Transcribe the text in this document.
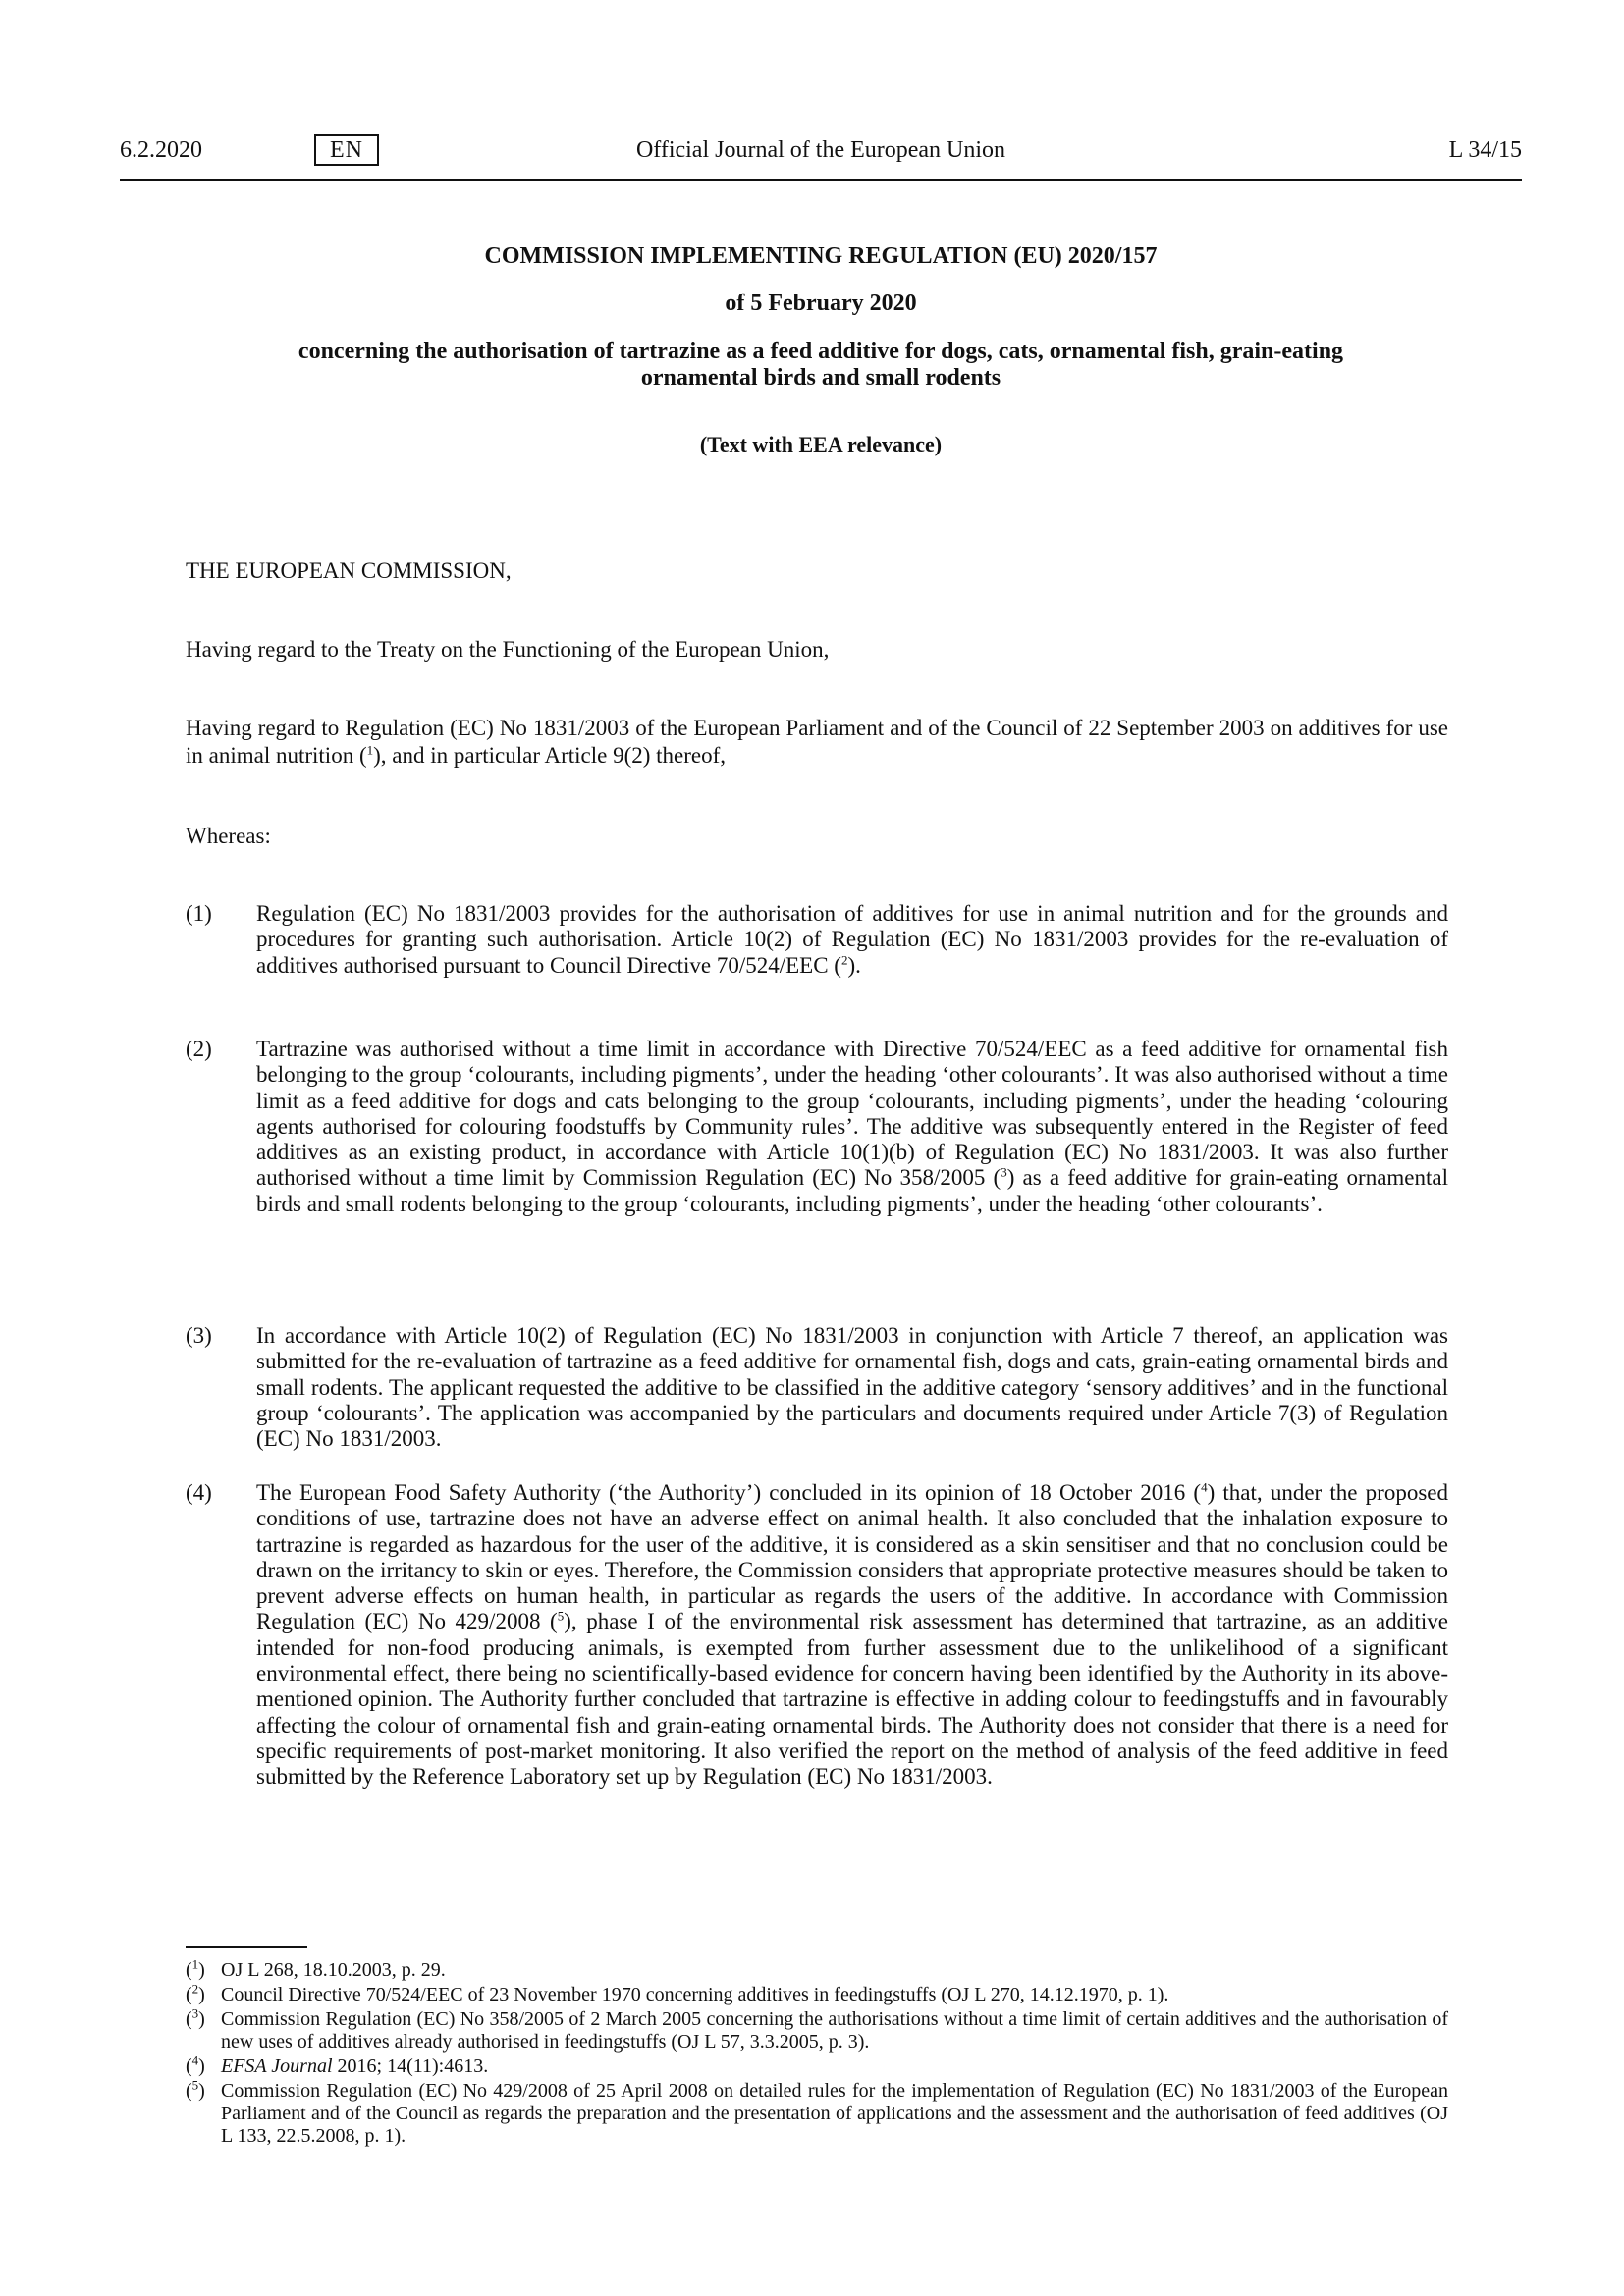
Official Journal of the European Union
6.2.2020	EN	L 34/15
COMMISSION IMPLEMENTING REGULATION (EU) 2020/157
of 5 February 2020
concerning the authorisation of tartrazine as a feed additive for dogs, cats, ornamental fish, grain-eating ornamental birds and small rodents
(Text with EEA relevance)
THE EUROPEAN COMMISSION,
Having regard to the Treaty on the Functioning of the European Union,
Having regard to Regulation (EC) No 1831/2003 of the European Parliament and of the Council of 22 September 2003 on additives for use in animal nutrition ($^1$), and in particular Article 9(2) thereof,
Whereas:
(1) Regulation (EC) No 1831/2003 provides for the authorisation of additives for use in animal nutrition and for the grounds and procedures for granting such authorisation. Article 10(2) of Regulation (EC) No 1831/2003 provides for the re-evaluation of additives authorised pursuant to Council Directive 70/524/EEC ($^2$).
(2) Tartrazine was authorised without a time limit in accordance with Directive 70/524/EEC as a feed additive for ornamental fish belonging to the group ‘colourants, including pigments’, under the heading ‘other colourants’. It was also authorised without a time limit as a feed additive for dogs and cats belonging to the group ‘colourants, including pigments’, under the heading ‘colouring agents authorised for colouring foodstuffs by Community rules’. The additive was subsequently entered in the Register of feed additives as an existing product, in accordance with Article 10(1)(b) of Regulation (EC) No 1831/2003. It was also further authorised without a time limit by Commission Regulation (EC) No 358/2005 ($^3$) as a feed additive for grain-eating ornamental birds and small rodents belonging to the group ‘colourants, including pigments’, under the heading ‘other colourants’.
(3) In accordance with Article 10(2) of Regulation (EC) No 1831/2003 in conjunction with Article 7 thereof, an application was submitted for the re-evaluation of tartrazine as a feed additive for ornamental fish, dogs and cats, grain-eating ornamental birds and small rodents. The applicant requested the additive to be classified in the additive category ‘sensory additives’ and in the functional group ‘colourants’. The application was accompanied by the particulars and documents required under Article 7(3) of Regulation (EC) No 1831/2003.
(4) The European Food Safety Authority (‘the Authority’) concluded in its opinion of 18 October 2016 ($^4$) that, under the proposed conditions of use, tartrazine does not have an adverse effect on animal health. It also concluded that the inhalation exposure to tartrazine is regarded as hazardous for the user of the additive, it is considered as a skin sensitiser and that no conclusion could be drawn on the irritancy to skin or eyes. Therefore, the Commission considers that appropriate protective measures should be taken to prevent adverse effects on human health, in particular as regards the users of the additive. In accordance with Commission Regulation (EC) No 429/2008 ($^5$), phase I of the environmental risk assessment has determined that tartrazine, as an additive intended for non-food producing animals, is exempted from further assessment due to the unlikelihood of a significant environmental effect, there being no scientifically-based evidence for concern having been identified by the Authority in its above-mentioned opinion. The Authority further concluded that tartrazine is effective in adding colour to feedingstuffs and in favourably affecting the colour of ornamental fish and grain-eating ornamental birds. The Authority does not consider that there is a need for specific requirements of post-market monitoring. It also verified the report on the method of analysis of the feed additive in feed submitted by the Reference Laboratory set up by Regulation (EC) No 1831/2003.
($^1$) OJ L 268, 18.10.2003, p. 29.
($^2$) Council Directive 70/524/EEC of 23 November 1970 concerning additives in feedingstuffs (OJ L 270, 14.12.1970, p. 1).
($^3$) Commission Regulation (EC) No 358/2005 of 2 March 2005 concerning the authorisations without a time limit of certain additives and the authorisation of new uses of additives already authorised in feedingstuffs (OJ L 57, 3.3.2005, p. 3).
($^4$) EFSA Journal 2016; 14(11):4613.
($^5$) Commission Regulation (EC) No 429/2008 of 25 April 2008 on detailed rules for the implementation of Regulation (EC) No 1831/2003 of the European Parliament and of the Council as regards the preparation and the presentation of applications and the assessment and the authorisation of feed additives (OJ L 133, 22.5.2008, p. 1).
